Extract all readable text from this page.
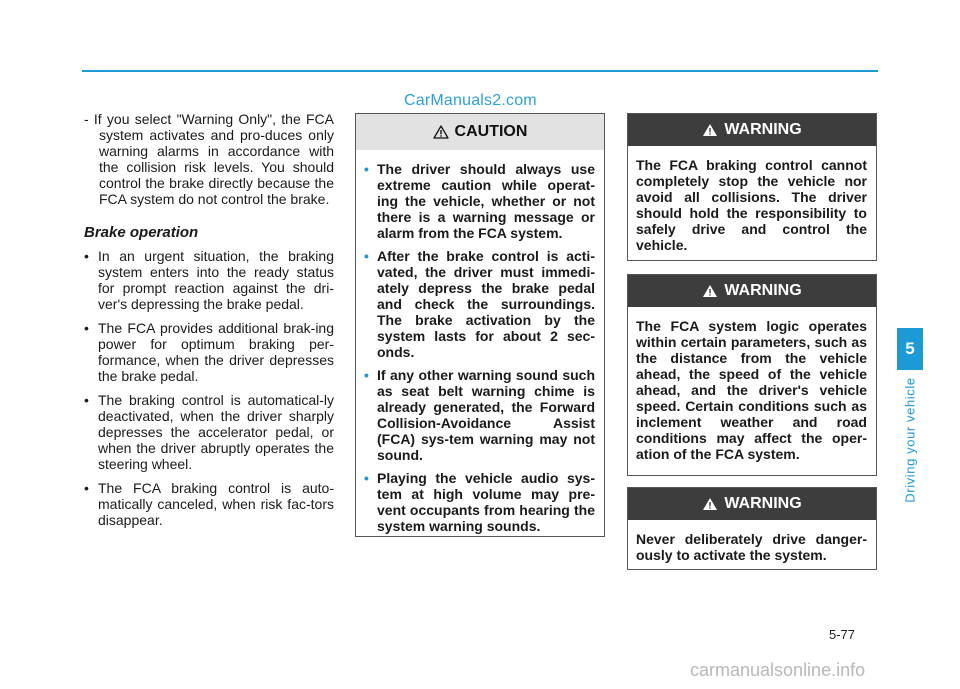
CarManuals2.com

- If you select "Warning Only", the FCA system activates and pro-duces only warning alarms in accordance with the collision risk levels. You should control the brake directly because the FCA system do not control the brake.

Brake operation
• In an urgent situation, the braking system enters into the ready status for prompt reaction against the dri-ver's depressing the brake pedal.
• The FCA provides additional brak-ing power for optimum braking per-formance, when the driver depresses the brake pedal.
• The braking control is automatical-ly deactivated, when the driver sharply depresses the accelerator pedal, or when the driver abruptly operates the steering wheel.
• The FCA braking control is auto-matically canceled, when risk fac-tors disappear.
CAUTION
• The driver should always use extreme caution while operat-ing the vehicle, whether or not there is a warning message or alarm from the FCA system.
• After the brake control is acti-vated, the driver must immedi-ately depress the brake pedal and check the surroundings. The brake activation by the system lasts for about 2 sec-onds.
• If any other warning sound such as seat belt warning chime is already generated, the Forward Collision-Avoidance Assist (FCA) sys-tem warning may not sound.
• Playing the vehicle audio sys-tem at high volume may pre-vent occupants from hearing the system warning sounds.
WARNING
The FCA braking control cannot completely stop the vehicle nor avoid all collisions. The driver should hold the responsibility to safely drive and control the vehicle.
WARNING
The FCA system logic operates within certain parameters, such as the distance from the vehicle ahead, the speed of the vehicle ahead, and the driver's vehicle speed. Certain conditions such as inclement weather and road conditions may affect the oper-ation of the FCA system.
WARNING
Never deliberately drive danger-ously to activate the system.
5
Driving your vehicle
5-77
carmanualsonline.info
